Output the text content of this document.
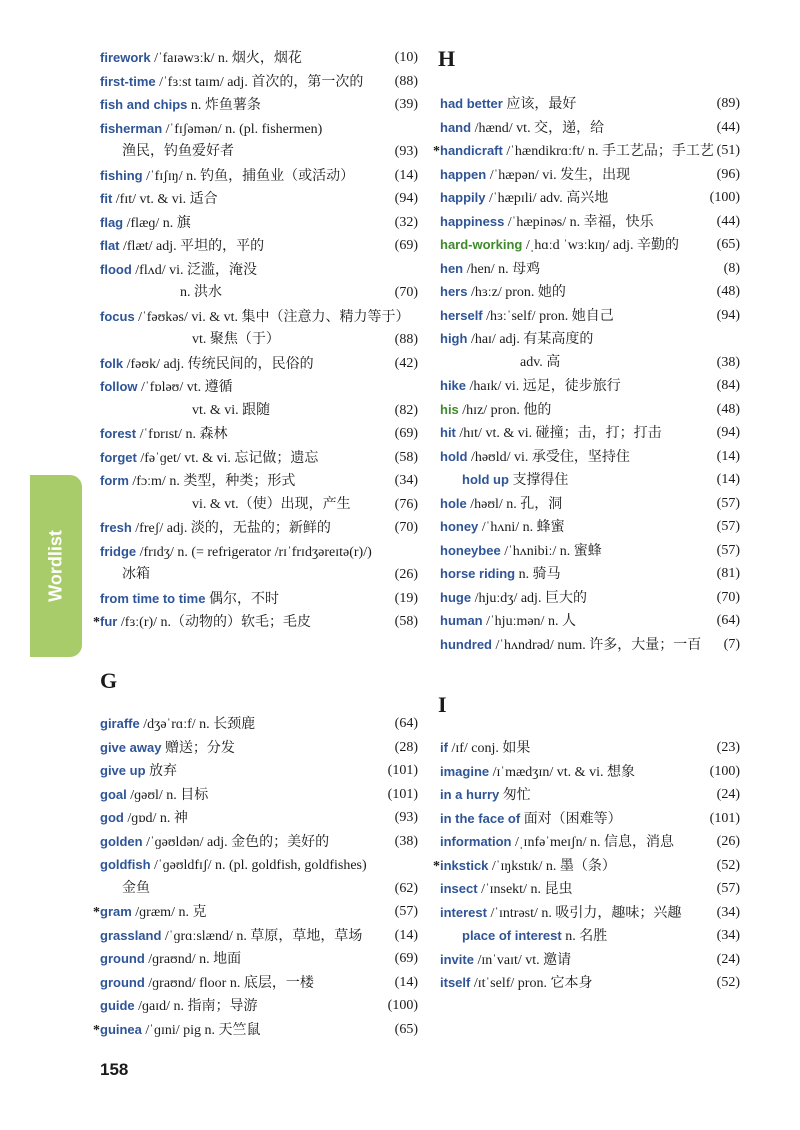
firework /ˈfaɪəwɜːk/ n. 烟火，烟花	(10)
first-time /ˈfɜːst taɪm/ adj. 首次的，第一次的 (88)
fish and chips n. 炸鱼薯条	(39)
fisherman /ˈfɪʃəmən/ n. (pl. fishermen)
渔民，钓鱼爱好者	(93)
fishing /ˈfɪʃɪŋ/ n. 钓鱼，捕鱼业（或活动）	(14)
fit /fɪt/ vt. & vi. 适合	(94)
flag /flæɡ/ n. 旗	(32)
flat /flæt/ adj. 平坦的，平的	(69)
flood /flʌd/ vi. 泛滥，淹没
n. 洪水	(70)
focus /ˈfəʊkəs/ vi. & vt. 集中（注意力、精力等于）
vt. 聚焦（于）	(88)
folk /fəʊk/ adj. 传统民间的，民俗的	(42)
follow /ˈfɒləʊ/ vt. 遵循
vt. & vi. 跟随	(82)
forest /ˈfɒrɪst/ n. 森林	(69)
forget /fəˈɡet/ vt. & vi. 忘记做；遗忘	(58)
form /fɔːm/ n. 类型，种类；形式	(34)
vi. & vt.（使）出现，产生	(76)
fresh /freʃ/ adj. 淡的，无盐的；新鲜的	(70)
fridge /frɪdʒ/ n. (= refrigerator /rɪˈfrɪdʒəreɪtə(r)/)
冰箱	(26)
from time to time 偶尔，不时	(19)
*fur /fɜː(r)/ n.（动物的）软毛；毛皮	(58)
G
giraffe /dʒəˈrɑːf/ n. 长颈鹿	(64)
give away 赠送；分发	(28)
give up 放弃	(101)
goal /ɡəʊl/ n. 目标	(101)
god /ɡɒd/ n. 神	(93)
golden /ˈɡəʊldən/ adj. 金色的；美好的	(38)
goldfish /ˈɡəʊldfɪʃ/ n. (pl. goldfish, goldfishes)
金鱼	(62)
*gram /ɡræm/ n. 克	(57)
grassland /ˈɡrɑːslænd/ n. 草原，草地，草场 (14)
ground /ɡraʊnd/ n. 地面	(69)
ground /ɡraʊnd/ floor n. 底层，一楼	(14)
guide /ɡaɪd/ n. 指南；导游	(100)
*guinea /ˈɡɪni/ pig n. 天竺鼠	(65)
H
had better 应该，最好	(89)
hand /hænd/ vt. 交，递，给	(44)
*handicraft /ˈhændikrɑːft/ n. 手工艺品；手工艺 (51)
happen /ˈhæpən/ vi. 发生，出现	(96)
happily /ˈhæpɪli/ adv. 高兴地	(100)
happiness /ˈhæpinəs/ n. 幸福，快乐	(44)
hard-working /ˌhɑːd ˈwɜːkɪŋ/ adj. 辛勤的	(65)
hen /hen/ n. 母鸡	(8)
hers /hɜːz/ pron. 她的	(48)
herself /hɜːˈself/ pron. 她自己	(94)
high /haɪ/ adj. 有某高度的
adv. 高	(38)
hike /haɪk/ vi. 远足，徒步旅行	(84)
his /hɪz/ pron. 他的	(48)
hit /hɪt/ vt. & vi. 碰撞；击，打；打击	(94)
hold /həʊld/ vi. 承受住，坚持住	(14)
hold up 支撑得住	(14)
hole /həʊl/ n. 孔，洞	(57)
honey /ˈhʌni/ n. 蜂蜜	(57)
honeybee /ˈhʌnibiː/ n. 蜜蜂	(57)
horse riding n. 骑马	(81)
huge /hjuːdʒ/ adj. 巨大的	(70)
human /ˈhjuːmən/ n. 人	(64)
hundred /ˈhʌndrəd/ num. 许多，大量；一百 (7)
I
if /ɪf/ conj. 如果	(23)
imagine /ɪˈmædʒɪn/ vt. & vi. 想象	(100)
in a hurry 匆忙	(24)
in the face of 面对（困难等）	(101)
information /ˌɪnfəˈmeɪʃn/ n. 信息，消息	(26)
*inkstick /ˈɪŋkstɪk/ n. 墨（条）	(52)
insect /ˈɪnsekt/ n. 昆虫	(57)
interest /ˈɪntrəst/ n. 吸引力，趣味；兴趣	(34)
place of interest n. 名胜	(34)
invite /ɪnˈvaɪt/ vt. 邀请	(24)
itself /ɪtˈself/ pron. 它本身	(52)
Wordlist
158
